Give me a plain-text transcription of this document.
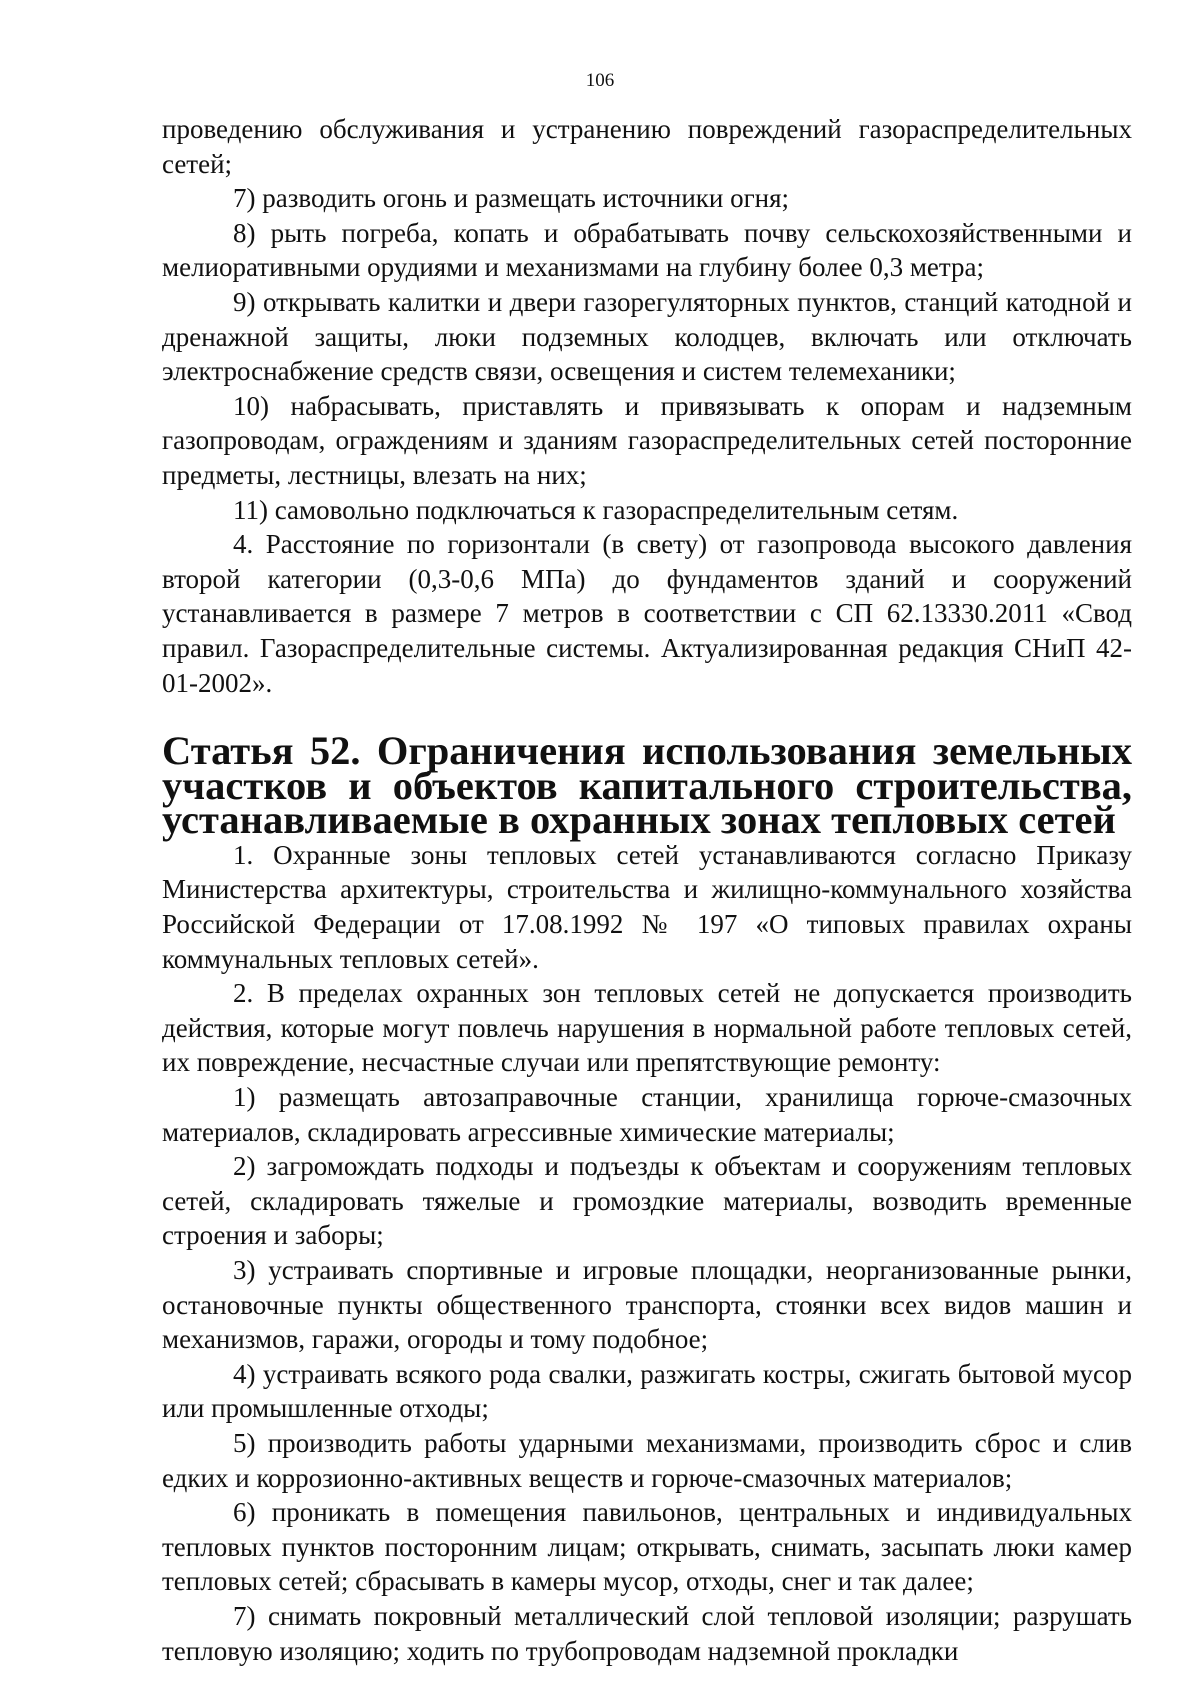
106

проведению обслуживания и устранению повреждений газораспределительных сетей;

7) разводить огонь и размещать источники огня;

8) рыть погреба, копать и обрабатывать почву сельскохозяйственными и мелиоративными орудиями и механизмами на глубину более 0,3 метра;

9) открывать калитки и двери газорегуляторных пунктов, станций катодной и дренажной защиты, люки подземных колодцев, включать или отключать электроснабжение средств связи, освещения и систем телемеханики;

10) набрасывать, приставлять и привязывать к опорам и надземным газопроводам, ограждениям и зданиям газораспределительных сетей посторонние предметы, лестницы, влезать на них;

11) самовольно подключаться к газораспределительным сетям.

4. Расстояние по горизонтали (в свету) от газопровода высокого давления второй категории (0,3-0,6 МПа) до фундаментов зданий и сооружений устанавливается в размере 7 метров в соответствии с СП 62.13330.2011 «Свод правил. Газораспределительные системы. Актуализированная редакция СНиП 42-01-2002».

Статья 52. Ограничения использования земельных участков и объектов капитального строительства, устанавливаемые в охранных зонах тепловых сетей

1. Охранные зоны тепловых сетей устанавливаются согласно Приказу Министерства архитектуры, строительства и жилищно-коммунального хозяйства Российской Федерации от 17.08.1992 № 197 «О типовых правилах охраны коммунальных тепловых сетей».

2. В пределах охранных зон тепловых сетей не допускается производить действия, которые могут повлечь нарушения в нормальной работе тепловых сетей, их повреждение, несчастные случаи или препятствующие ремонту:

1) размещать автозаправочные станции, хранилища горюче-смазочных материалов, складировать агрессивные химические материалы;

2) загромождать подходы и подъезды к объектам и сооружениям тепловых сетей, складировать тяжелые и громоздкие материалы, возводить временные строения и заборы;

3) устраивать спортивные и игровые площадки, неорганизованные рынки, остановочные пункты общественного транспорта, стоянки всех видов машин и механизмов, гаражи, огороды и тому подобное;

4) устраивать всякого рода свалки, разжигать костры, сжигать бытовой мусор или промышленные отходы;

5) производить работы ударными механизмами, производить сброс и слив едких и коррозионно-активных веществ и горюче-смазочных материалов;

6) проникать в помещения павильонов, центральных и индивидуальных тепловых пунктов посторонним лицам; открывать, снимать, засыпать люки камер тепловых сетей; сбрасывать в камеры мусор, отходы, снег и так далее;

7) снимать покровный металлический слой тепловой изоляции; разрушать тепловую изоляцию; ходить по трубопроводам надземной прокладки
